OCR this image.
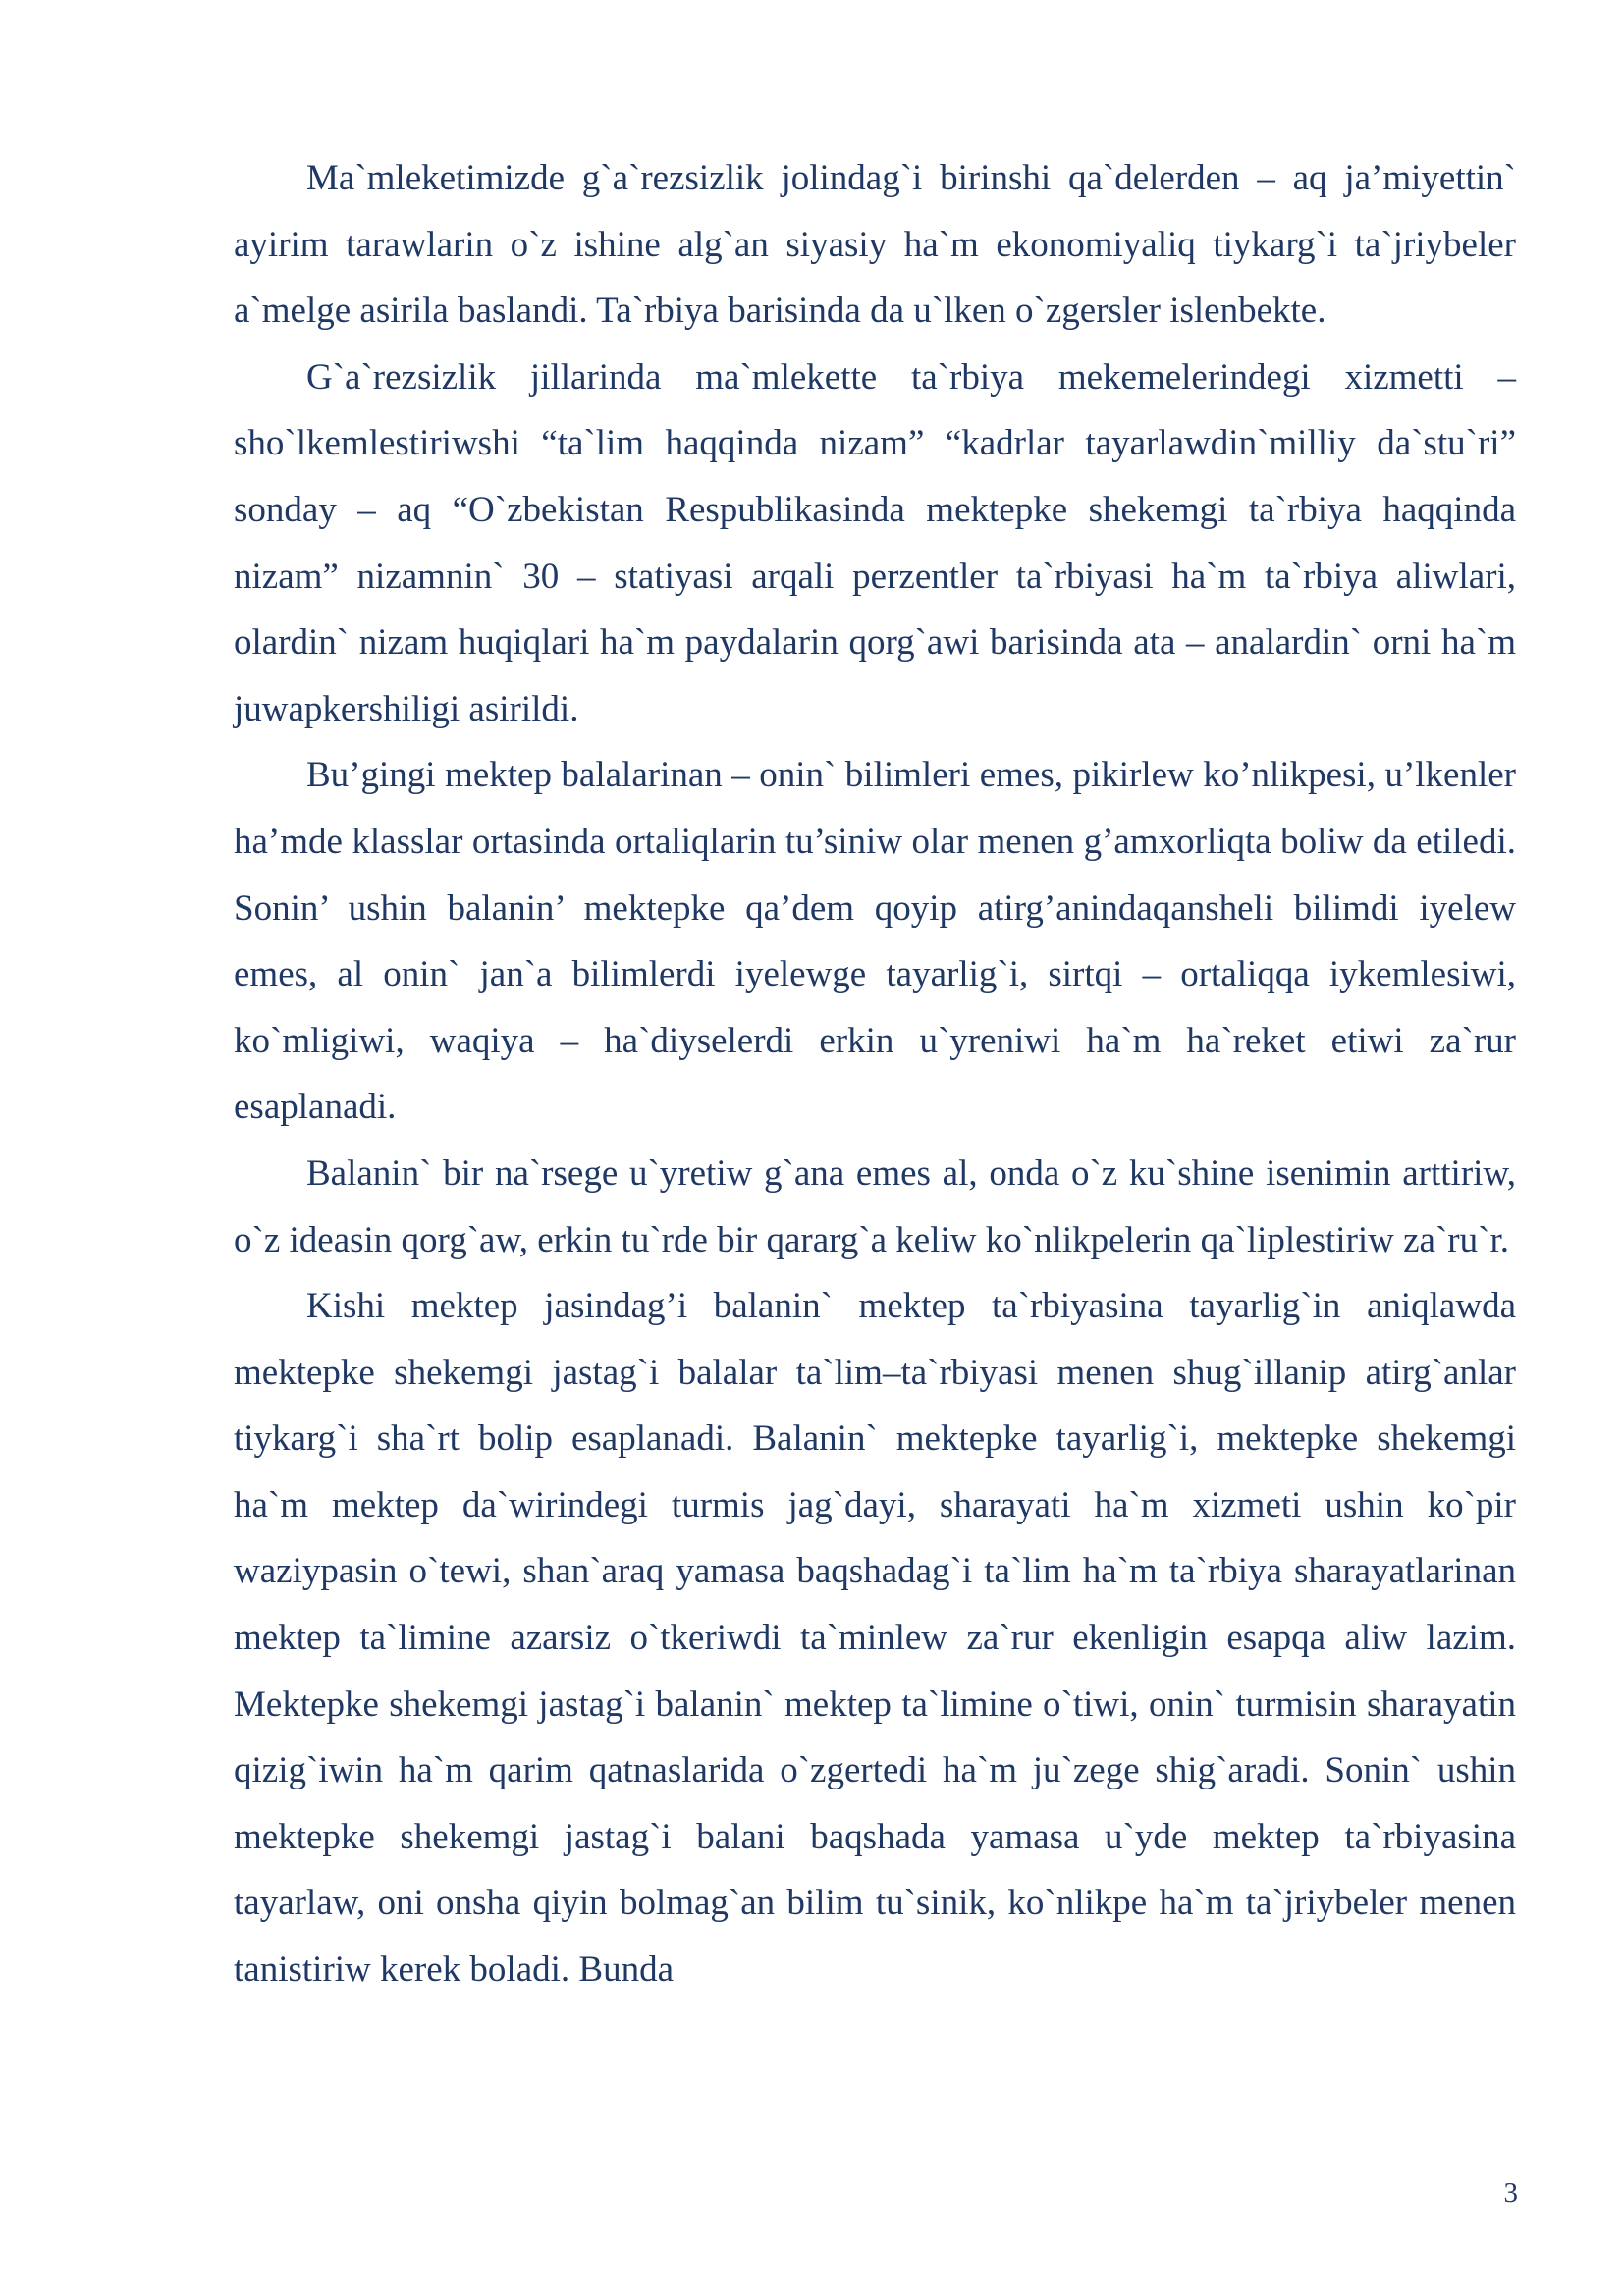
Ma`mleketimizde g`a`rezsizlik jolindag`i birinshi qa`delerden – aq ja’miyettin` ayirim tarawlarin o`z ishine alg`an siyasiy ha`m ekonomiyaliq tiykarg`i ta`jriybeler a`melge asirila baslandi. Ta`rbiya barisinda da u`lken o`zgersler islenbekte.

G`a`rezsizlik jillarinda ma`mlekette ta`rbiya mekemelerindegi xizmetti – sho`lkemlestiriwshi “ta`lim haqqinda nizam” “kadrlar tayarlawdin`milliy da`stu`ri” sonday – aq “O`zbekistan Respublikasinda mektepke shekemgi ta`rbiya haqqinda nizam” nizamnin` 30 – statiyasi arqali perzentler ta`rbiyasi ha`m ta`rbiya aliwlari, olardin` nizam huqiqlari ha`m paydalarin qorg`awi barisinda ata – analardin` orni ha`m juwapkershiligi asirildi.

Bu’gingi mektep balalarinan – onin` bilimleri emes, pikirlew ko’nlikpesi, u’lkenler ha’mde klasslar ortasinda ortaliqlarin tu’siniw olar menen g’amxorliqta boliw da etiledi. Sonin’ ushin balanin’ mektepke qa’dem qoyip atirg’anindaqansheli bilimdi iyelew emes, al onin` jan`a bilimlerdi iyelewge tayarlig`i, sirtqi – ortaliqqa iykemlesiwi, ko`mligiwi, waqiya – ha`diyselerdi erkin u`yreniwi ha`m ha`reket etiwi za`rur esaplanadi.

Balanin` bir na`rsege u`yretiw g`ana emes al, onda o`z ku`shine isenimin arttiriw, o`z ideasin qorg`aw, erkin tu`rde bir qararg`a keliw ko`nlikpelerin qa`liplestiriw za`ru`r.

Kishi mektep jasindag’i balanin` mektep ta`rbiyasina tayarlig`in aniqlawda mektepke shekemgi jastag`i balalar ta`lim–ta`rbiyasi menen shug`illanip atirg`anlar tiykarg`i sha`rt bolip esaplanadi. Balanin` mektepke tayarlig`i, mektepke shekemgi ha`m mektep da`wirindegi turmis jag`dayi, sharayati ha`m xizmeti ushin ko`pir waziypasin o`tewi, shan`araq yamasa baqshadag`i ta`lim ha`m ta`rbiya sharayatlarinan mektep ta`limine azarsiz o`tkeriwdi ta`minlew za`rur ekenligin esapqa aliw lazim. Mektepke shekemgi jastag`i balanin` mektep ta`limine o`tiwi, onin` turmisin sharayatin qizig`iwin ha`m qarim qatnaslarida o`zgertedi ha`m ju`zege shig`aradi. Sonin` ushin mektepke shekemgi jastag`i balani baqshada yamasa u`yde mektep ta`rbiyasina tayarlaw, oni onsha qiyin bolmag`an bilim tu`sinik, ko`nlikpe ha`m ta`jriybeler menen tanistiriw kerek boladi. Bunda

3
